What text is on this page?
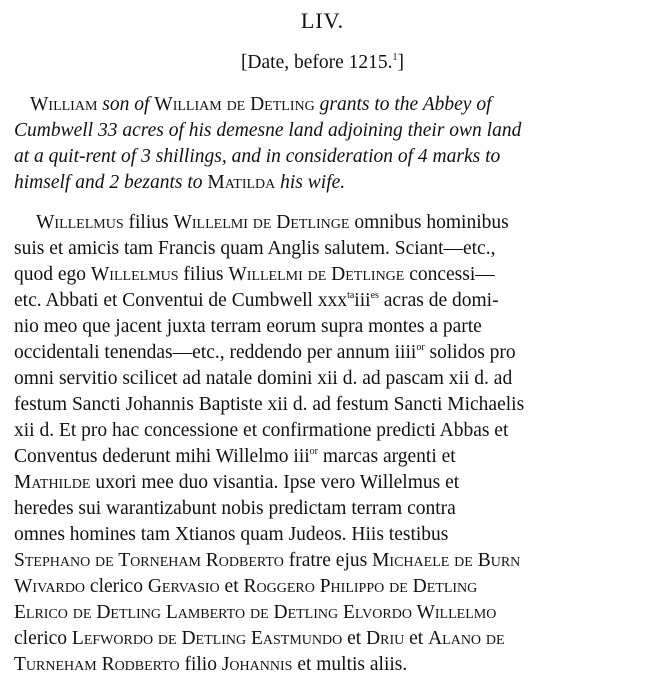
LIV.
[Date, before 1215.$^1$]
William son of William de Detling grants to the Abbey of
Cumbwell 33 acres of his demesne land adjoining their own land
at a quit-rent of 3 shillings, and in consideration of 4 marks to
himself and 2 bezants to Matilda his wife.
Willelmus filius Willelmi de Detlinge omnibus hominibus
suis et amicis tam Francis quam Anglis salutem. Sciant—etc.,
quod ego Willelmus filius Willelmi de Detlinge concessi—
etc. Abbati et Conventui de Cumbwell xxx$^{ta}$iii$^{es}$ acras de domi-
nio meo que jacent juxta terram eorum supra montes a parte
occidentali tenendas—etc., reddendo per annum iiii$^{or}$ solidos pro
omni servitio scilicet ad natale domini xii d. ad pascam xii d. ad
festum Sancti Johannis Baptiste xii d. ad festum Sancti Michaelis
xii d. Et pro hac concessione et confirmatione predicti Abbas et
Conventus dederunt mihi Willelmo iii$^{or}$ marcas argenti et
Mathilde uxori mee duo visantia. Ipse vero Willelmus et
heredes sui warantizabunt nobis predictam terram contra
omnes homines tam Xtianos quam Judeos. Hiis testibus
Stephano de Torneham Rodberto fratre ejus Michaele de Burn
Wivardo clerico Gervasio et Roggero Philippo de Detling
Elrico de Detling Lamberto de Detling Elvordo Willelmo
clerico Lefwordo de Detling Eastmundo et Driu et Alano de
Turneham Rodberto filio Johannis et multis aliis.
